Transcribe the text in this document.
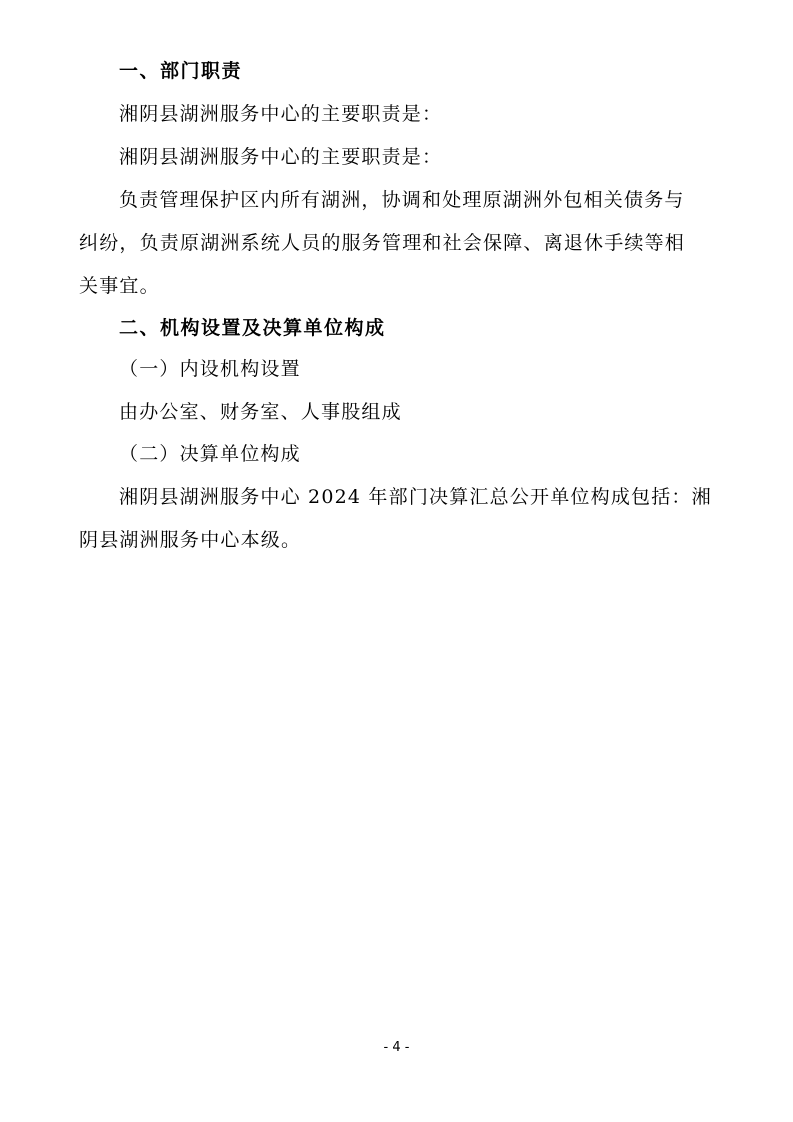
一、部门职责
湘阴县湖洲服务中心的主要职责是：
湘阴县湖洲服务中心的主要职责是：
负责管理保护区内所有湖洲，协调和处理原湖洲外包相关债务与
纠纷，负责原湖洲系统人员的服务管理和社会保障、离退休手续等相
关事宜。
二、机构设置及决算单位构成
（一）内设机构设置
由办公室、财务室、人事股组成
（二）决算单位构成
湘阴县湖洲服务中心 2024 年部门决算汇总公开单位构成包括：湘
阴县湖洲服务中心本级。
- 4 -
